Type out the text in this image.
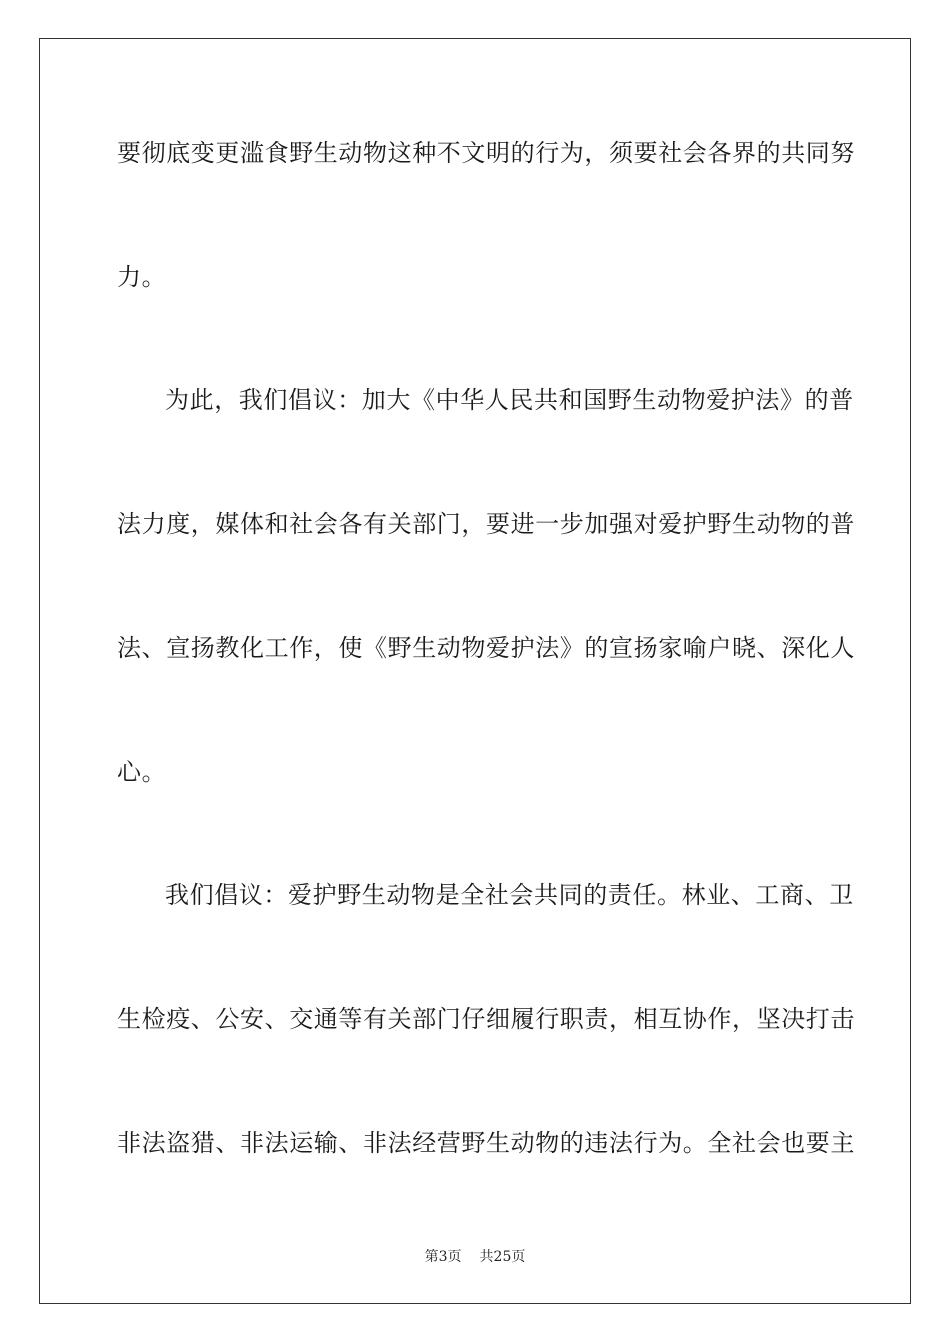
要彻底变更滥食野生动物这种不文明的行为，须要社会各界的共同努
力。
为此，我们倡议：加大《中华人民共和国野生动物爱护法》的普
法力度，媒体和社会各有关部门，要进一步加强对爱护野生动物的普
法、宣扬教化工作，使《野生动物爱护法》的宣扬家喻户晓、深化人
心。
我们倡议：爱护野生动物是全社会共同的责任。林业、工商、卫
生检疫、公安、交通等有关部门仔细履行职责，相互协作，坚决打击
非法盗猎、非法运输、非法经营野生动物的违法行为。全社会也要主
第3页 共25页
